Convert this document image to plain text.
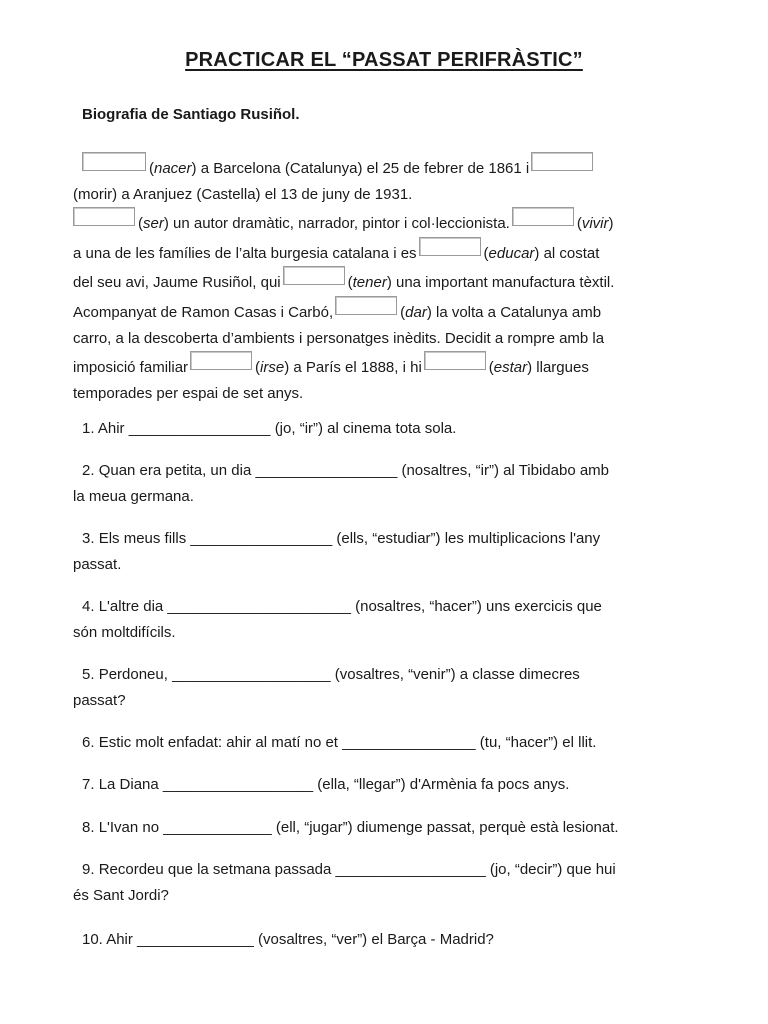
PRACTICAR EL “PASSAT PERIFRÀSTIC”
Biografia de Santiago Rusiñol.
(nacer) a Barcelona (Catalunya) el 25 de febrer de 1861 i
(morir) a Aranjuez (Castella) el 13 de juny de 1931.
(ser) un autor dramàtic, narrador, pintor i col·leccionista.	(vivir)
a una de les famílies de l’alta burgesia catalana i es	(educar) al costat
del seu avi, Jaume Rusiñol, qui	(tener) una important manufactura tèxtil.
Acompanyat de Ramon Casas i Carbó,	(dar) la volta a Catalunya amb
carro, a la descoberta d’ambients i personatges inèdits. Decidit a rompre amb la
imposició familiar	(irse) a París el 1888, i hi	(estar) llargues
temporades per espai de set anys.
1. Ahir _________________ (jo, “ir”) al cinema tota sola.
2. Quan era petita, un dia _________________ (nosaltres, “ir”) al Tibidabo amb
la meua germana.
3. Els meus fills _________________ (ells, “estudiar”) les multiplicacions l'any
passat.
4. L'altre dia ______________________ (nosaltres, “hacer”) uns exercicis que
són moltdifícils.
5. Perdoneu, ___________________ (vosaltres, “venir”) a classe dimecres
passat?
6. Estic molt enfadat: ahir al matí no et ________________ (tu, “hacer”) el llit.
7. La Diana __________________ (ella, “llegar”) d'Armènia fa pocs anys.
8. L'Ivan no _____________ (ell, “jugar”) diumenge passat, perquè està lesionat.
9. Recordeu que la setmana passada __________________ (jo, “decir”) que hui
és Sant Jordi?
10. Ahir ______________ (vosaltres, “ver”) el Barça - Madrid?
